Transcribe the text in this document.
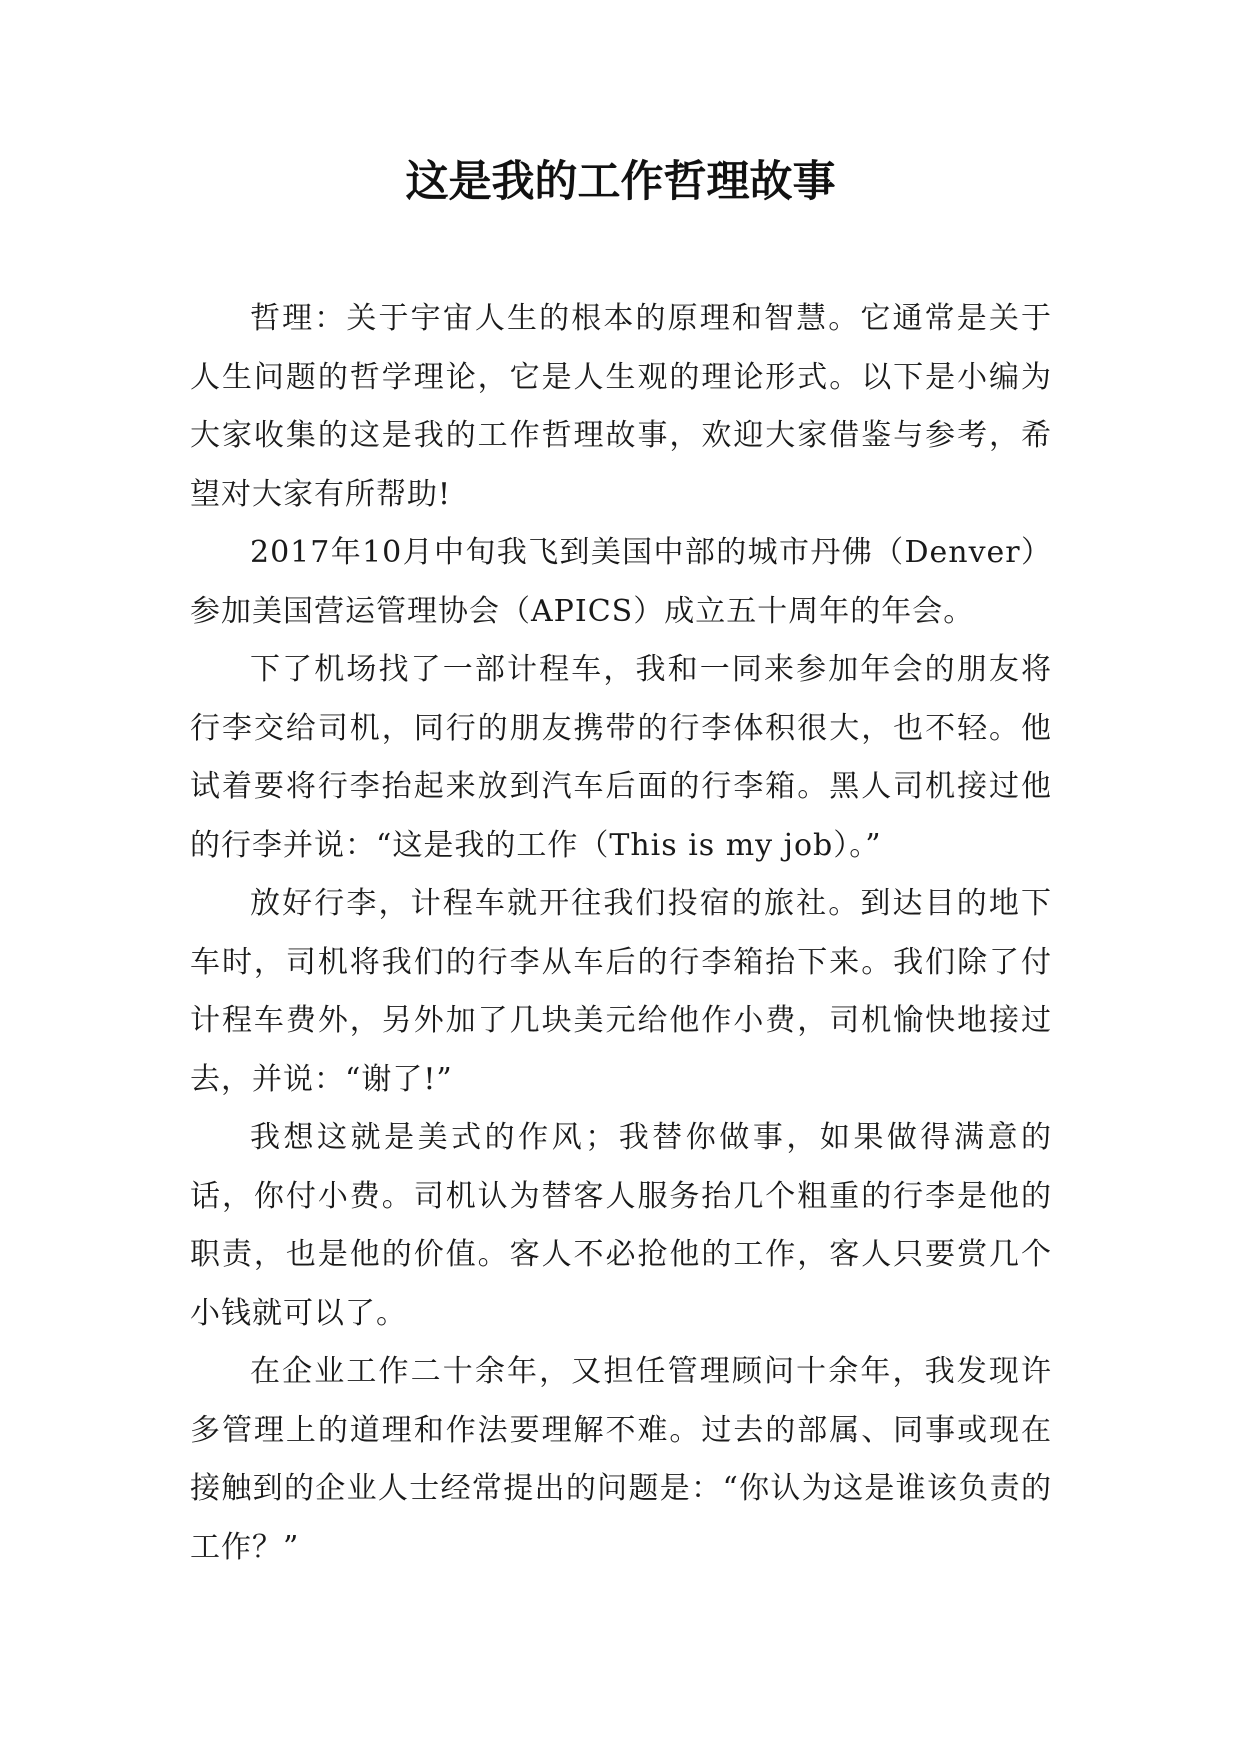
这是我的工作哲理故事

哲理：关于宇宙人生的根本的原理和智慧。它通常是关于人生问题的哲学理论，它是人生观的理论形式。以下是小编为大家收集的这是我的工作哲理故事，欢迎大家借鉴与参考，希望对大家有所帮助!

2017年10月中旬我飞到美国中部的城市丹佛（Denver）参加美国营运管理协会（APICS）成立五十周年的年会。

下了机场找了一部计程车，我和一同来参加年会的朋友将行李交给司机，同行的朋友携带的行李体积很大，也不轻。他试着要将行李抬起来放到汽车后面的行李箱。黑人司机接过他的行李并说：“这是我的工作（This is my job）。”

放好行李，计程车就开往我们投宿的旅社。到达目的地下车时，司机将我们的行李从车后的行李箱抬下来。我们除了付计程车费外，另外加了几块美元给他作小费，司机愉快地接过去，并说：“谢了!”

我想这就是美式的作风；我替你做事，如果做得满意的话，你付小费。司机认为替客人服务抬几个粗重的行李是他的职责，也是他的价值。客人不必抢他的工作，客人只要赏几个小钱就可以了。

在企业工作二十余年，又担任管理顾问十余年，我发现许多管理上的道理和作法要理解不难。过去的部属、同事或现在接触到的企业人士经常提出的问题是：“你认为这是谁该负责的工作？”
